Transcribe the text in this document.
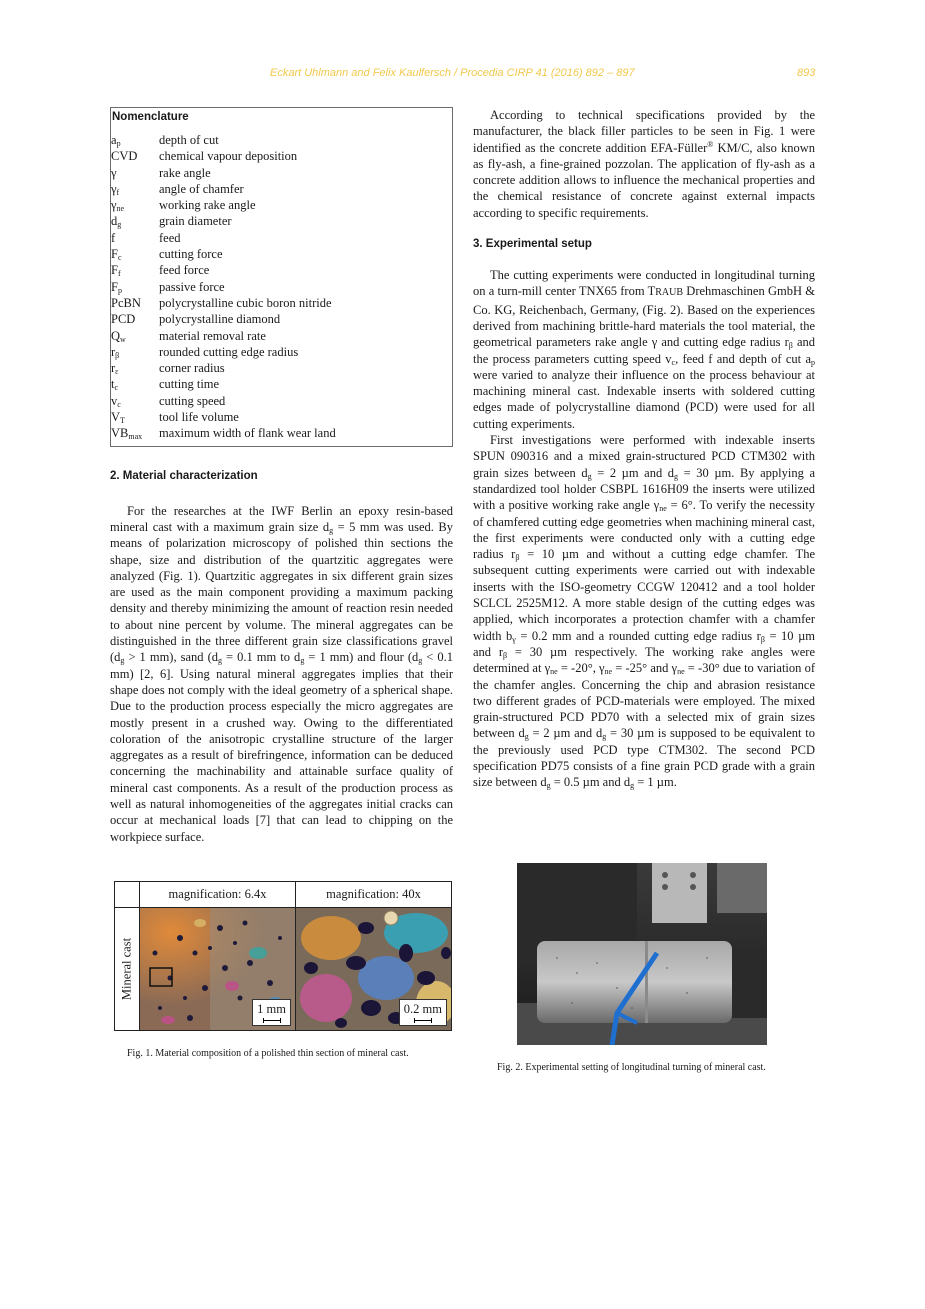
Eckart Uhlmann and Felix Kaulfersch / Procedia CIRP 41 (2016) 892 – 897	893
Nomenclature
$a_p$	depth of cut
CVD	chemical vapour deposition
γ	rake angle
$\gamma_f$	angle of chamfer
$\gamma_{ne}$	working rake angle
$d_g$	grain diameter
f	feed
$F_c$	cutting force
$F_f$	feed force
$F_p$	passive force
PcBN	polycrystalline cubic boron nitride
PCD	polycrystalline diamond
$Q_w$	material removal rate
$r_\beta$	rounded cutting edge radius
$r_\varepsilon$	corner radius
$t_c$	cutting time
$v_c$	cutting speed
$V_T$	tool life volume
$VB_{max}$	maximum width of flank wear land
2. Material characterization

For the researches at the IWF Berlin an epoxy resin-based mineral cast with a maximum grain size $d_g = 5$ mm was used. By means of polarization microscopy of polished thin sections the shape, size and distribution of the quartzitic aggregates were analyzed (Fig. 1). Quartzitic aggregates in six different grain sizes are used as the main component providing a maximum packing density and thereby minimizing the amount of reaction resin needed to about nine percent by volume. The mineral aggregates can be distinguished in the three different grain size classifications gravel ($d_g > 1$ mm), sand ($d_g = 0.1$ mm to $d_g = 1$ mm) and flour ($d_g < 0.1$ mm) [2, 6]. Using natural mineral aggregates implies that their shape does not comply with the ideal geometry of a spherical shape. Due to the production process especially the micro aggregates are mostly present in a crushed way. Owing to the differentiated coloration of the anisotropic crystalline structure of the larger aggregates as a result of birefringence, information can be deduced concerning the machinability and attainable surface quality of mineral cast components. As a result of the production process as well as natural inhomogeneities of the aggregates initial cracks can occur at mechanical loads [7] that can lead to chipping on the workpiece surface.

	magnification: 6.4x	magnification: 40x

Mineral cast	1 mm	0.2 mm
Fig. 1. Material composition of a polished thin section of mineral cast.

According to technical specifications provided by the manufacturer, the black filler particles to be seen in Fig. 1 were identified as the concrete addition EFA-Füller® KM/C, also known as fly-ash, a fine-grained pozzolan. The application of fly-ash as a concrete addition allows to influence the mechanical properties and the chemical resistance of concrete against external impacts according to specific requirements.

3. Experimental setup

The cutting experiments were conducted in longitudinal turning on a turn-mill center TNX65 from TRAUB Drehmaschinen GmbH & Co. KG, Reichenbach, Germany, (Fig. 2). Based on the experiences derived from machining brittle-hard materials the tool material, the geometrical parameters rake angle γ and cutting edge radius $r_\beta$ and the process parameters cutting speed $v_c$, feed f and depth of cut $a_p$ were varied to analyze their influence on the process behaviour at machining mineral cast. Indexable inserts with soldered cutting edges made of polycrystalline diamond (PCD) were used for all cutting experiments.

First investigations were performed with indexable inserts SPUN 090316 and a mixed grain-structured PCD CTM302 with grain sizes between $d_g = 2$ µm and $d_g = 30$ µm. By applying a standardized tool holder CSBPL 1616H09 the inserts were utilized with a positive working rake angle $\gamma_{ne} = 6^\circ$. To verify the necessity of chamfered cutting edge geometries when machining mineral cast, the first experiments were conducted only with a cutting edge radius $r_\beta = 10$ µm and without a cutting edge chamfer. The subsequent cutting experiments were carried out with indexable inserts with the ISO-geometry CCGW 120412 and a tool holder SCLCL 2525M12. A more stable design of the cutting edges was applied, which incorporates a protection chamfer with a chamfer width $b_\gamma = 0.2$ mm and a rounded cutting edge radius $r_\beta = 10$ µm and $r_\beta = 30$ µm respectively. The working rake angles were determined at $\gamma_{ne} = -20^\circ$, $\gamma_{ne} = -25^\circ$ and $\gamma_{ne} = -30^\circ$ due to variation of the chamfer angles. Concerning the chip and abrasion resistance two different grades of PCD-materials were employed. The mixed grain-structured PCD PD70 with a selected mix of grain sizes between $d_g = 2$ µm and $d_g = 30$ µm is supposed to be equivalent to the previously used PCD type CTM302. The second PCD specification PD75 consists of a fine grain PCD grade with a grain size between $d_g = 0.5$ µm and $d_g = 1$ µm.

Fig. 2. Experimental setting of longitudinal turning of mineral cast.
